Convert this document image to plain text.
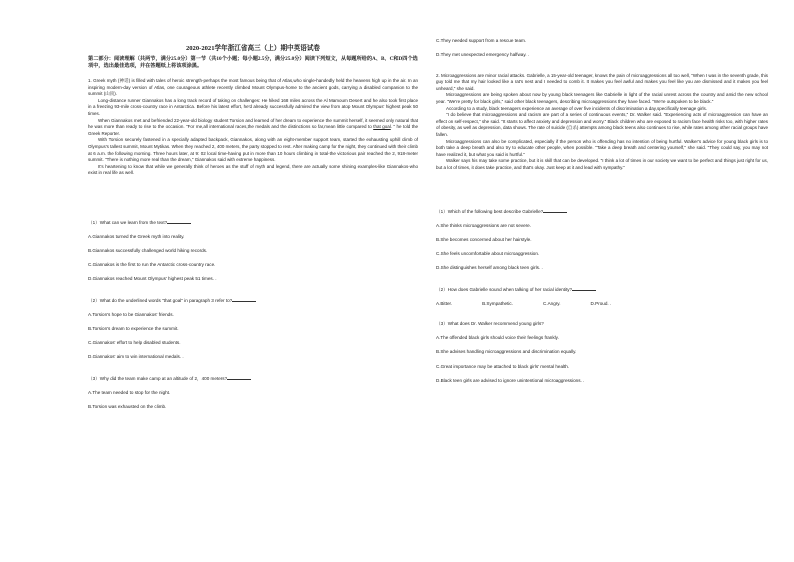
2020-2021学年浙江省高三（上）期中英语试卷
第二部分：阅读理解（共两节，满分25.0分）第一节（共10个小题；每小题2.5分，满分25.0分）阅读下列短文，从每题所给的A、B、C和D四个选项中，选出最佳选项，并在答题纸上将该项涂黑。

1. Greek myth (神话) is filled with tales of heroic strength-perhaps the most famous being that of Atlas,who single-handedly held the heavens high up in the air. In an inspiring modern-day version of Atlas, one courageous athlete recently climbed Mount Olympus-home to the ancient gods, carrying a disabled companion to the summit (山顶).

Long-distance runner Giannakos has a long track record of taking on challenges: He hiked 168 miles across the Al Mamoum Desert and he also took first place in a freezing 93-mile cross-country race in Antarctica. Before his latest effort, he'd already successfully admired the view from atop Mount Olympus' highest peak 50 times.

When Giannakos met and befriended 22-year-old biology student Torsion and learned of her dream to experience the summit herself, it seemed only natural that he was more than ready to rise to the occasion. "For me,all international races,the medals and the distinctions so far,mean little compared to that goal. " he told the Greek Reporter.

With Torsion securely fastened in a specially adapted backpack, Giannakos, along with an eight-member support team, started the exhausting uphill climb of Olympus's tallest summit, Mount Mytikas. When they reached 2, 400 meters, the party stopped to rest. After making camp for the night, they continued with their climb at 6 a.m. the following morning. Three hours later, at 9: 02 local time-having put in more than 10 hours climbing in total-the victorious pair reached the 2, 918-meter summit. "There is nothing more real than the dream," Giannakos said with extreme happiness.

It's heartening to know that while we generally think of heroes as the stuff of myth and legend, there are actually some shining examples-like Giannakos-who exist in real life as well.

（1）What can we learn from the text?
A.Giannakos turned the Greek myth into reality.
B.Giannakos successfully challenged world hiking records.
C.Giannakos is the first to run the Antarctic cross-country race.
D.Giannakos reached Mount Olympus' highest peak 51 times. .
（2）What do the underlined words "that goal" in paragraph 3 refer to?
A.Torsion's hope to be Giannakos' friends.
B.Torsion's dream to experience the summit.
C.Giannakos' effort to help disabled students.
D.Giannakos' aim to win international medals. .
（3）Why did the team make camp at an altitude of 2，400 meters?
A.The team needed to stop for the night.
B.Torsion was exhausted on the climb.
C.They needed support from a rescue team.
D.They met unexpected emergency halfway. .

2. Microaggressions are minor racial attacks. Gabrielle, a 15-year-old teenager, knows the pain of microaggressions all too well, "When I was in the seventh grade, this guy told me that my hair looked like a rat's nest and I needed to comb it. It makes you feel awful and makes you feel like you are dismissed and it makes you feel unheard," she said.

Microaggressions are being spoken about now by young black teenagers like Gabrielle in light of the racial unrest across the country and amid the new school year. "We're pretty for black girls," said other black teenagers, describing microaggressions they have faced. "We're outspoken to be black."

According to a study, black teenagers experience an average of over five incidents of discrimination a day,specifically teenage girls.

"I do believe that microaggressions and racism are part of a series of continuous events," Dr. Walker said. "Experiencing acts of microaggression can have an effect on self-respect," she said. "It starts to affect anxiety and depression and worry." Black children who are exposed to racism face health risks too, with higher rates of obesity, as well as depression, data shows. The rate of suicide (自杀) attempts among black teens also continues to rise, while rates among other racial groups have fallen.

Microaggressions can also be complicated, especially if the person who is offending has no intention of being hurtful. Walker's advice for young black girls is to both take a deep breath and also try to educate other people, when possible. "Take a deep breath and centering yourself," she said. "They could say, you may not have realized it, but what you said is hurtful."

Walker says his may take some practice, but it is skill that can be developed. "I think a lot of times in our society we want to be perfect and things just right for us, but a lot of times, it does take practice, and that's okay. Just keep at it and lead with sympathy."

（1）Which of the following best describe Gabrielle?
A.She thinks microaggressions are not severe.
B.She becomes concerned about her hairstyle.
C.She feels uncomfortable about microaggression.
D.She distinguishes herself among black teen girls. .
（2）How does Gabrielle sound when talking of her racial identity?
A.Bitter.	B.Sympathetic.	C.Angry.	D.Proud. .
（3）What does Dr. Walker recommend young girls?
A.The offended black girls should voice their feelings frankly.
B.She advises handling microaggressions and discrimination equally.
C.Great importance may be attached to black girls' mental health.
D.Black teen girls are advised to ignore unintentional microaggressions. .
